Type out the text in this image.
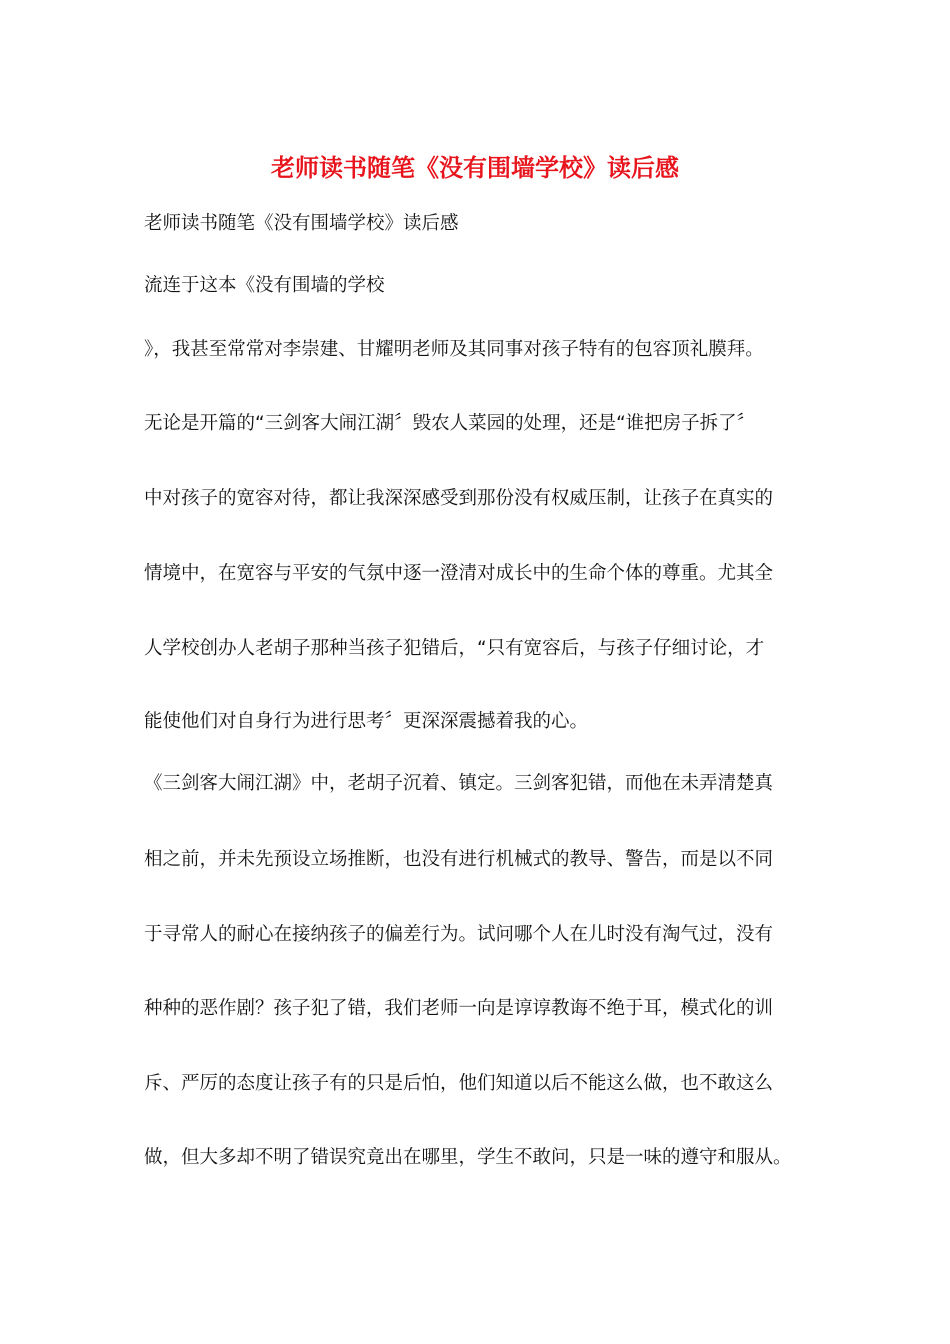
老师读书随笔《没有围墙学校》读后感
老师读书随笔《没有围墙学校》读后感
流连于这本《没有围墙的学校
》，我甚至常常对李崇建、甘耀明老师及其同事对孩子特有的包容顶礼膜拜。
无论是开篇的“三剑客大闹江湖〞毁农人菜园的处理，还是“谁把房子拆了〞
中对孩子的宽容对待，都让我深深感受到那份没有权威压制，让孩子在真实的
情境中，在宽容与平安的气氛中逐一澄清对成长中的生命个体的尊重。尤其全
人学校创办人老胡子那种当孩子犯错后，“只有宽容后，与孩子仔细讨论，才
能使他们对自身行为进行思考〞更深深震撼着我的心。
《三剑客大闹江湖》中，老胡子沉着、镇定。三剑客犯错，而他在未弄清楚真
相之前，并未先预设立场推断，也没有进行机械式的教导、警告，而是以不同
于寻常人的耐心在接纳孩子的偏差行为。试问哪个人在儿时没有淘气过，没有
种种的恶作剧？孩子犯了错，我们老师一向是谆谆教诲不绝于耳，模式化的训
斥、严厉的态度让孩子有的只是后怕，他们知道以后不能这么做，也不敢这么
做，但大多却不明了错误究竟出在哪里，学生不敢问，只是一味的遵守和服从。
